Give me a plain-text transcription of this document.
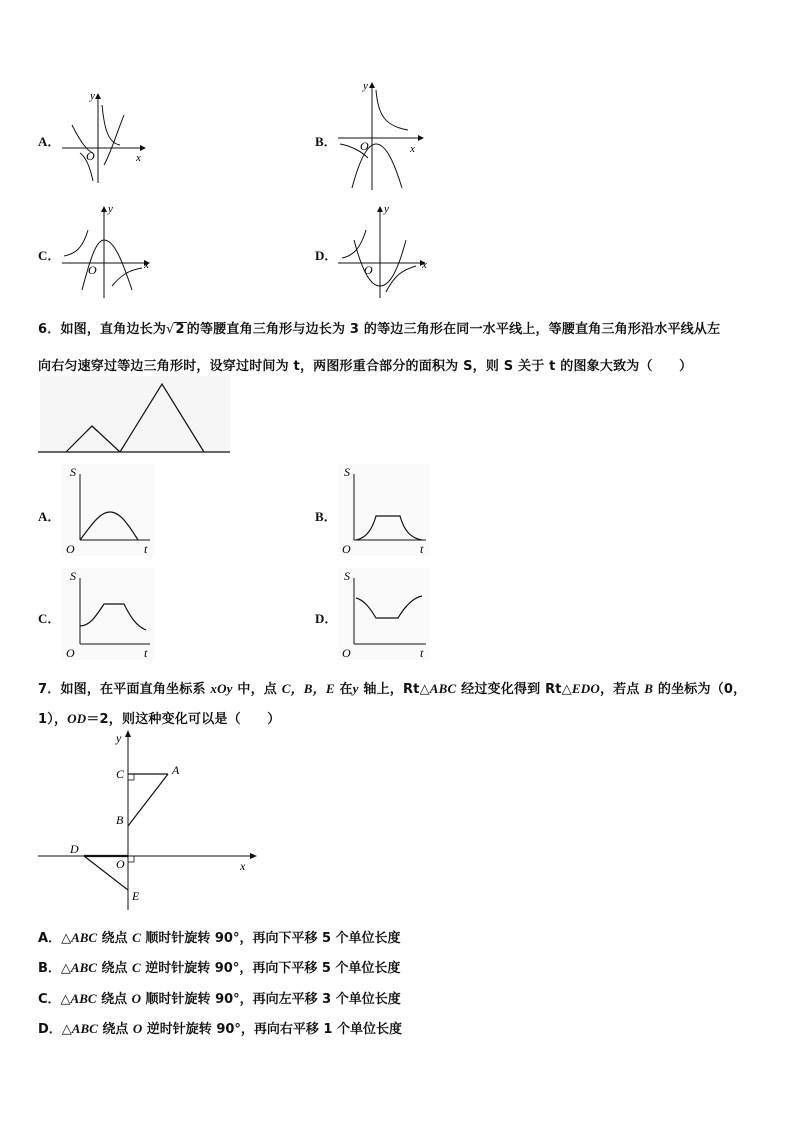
A．
y
x
O
B．
y
x
O
C．
y
x
O
D．
y
x
O
6．如图，直角边长为√2 的等腰直角三角形与边长为 3 的等边三角形在同一水平线上，等腰直角三角形沿水平线从左
向右匀速穿过等边三角形时，设穿过时间为 t，两图形重合部分的面积为 S，则 S 关于 t 的图象大致为（　　）
A．
S
t
O
B．
S
t
O
C．
S
t
O
D．
S
t
O
7．如图，在平面直角坐标系 xOy 中，点 C，B，E 在y 轴上，Rt△ABC 经过变化得到 Rt△EDO，若点 B 的坐标为（0，
1），OD＝2，则这种变化可以是（　　）
y
x
C	A
B
D
O
E
A．△ABC 绕点 C 顺时针旋转 90°，再向下平移 5 个单位长度
B．△ABC 绕点 C 逆时针旋转 90°，再向下平移 5 个单位长度
C．△ABC 绕点 O 顺时针旋转 90°，再向左平移 3 个单位长度
D．△ABC 绕点 O 逆时针旋转 90°，再向右平移 1 个单位长度
